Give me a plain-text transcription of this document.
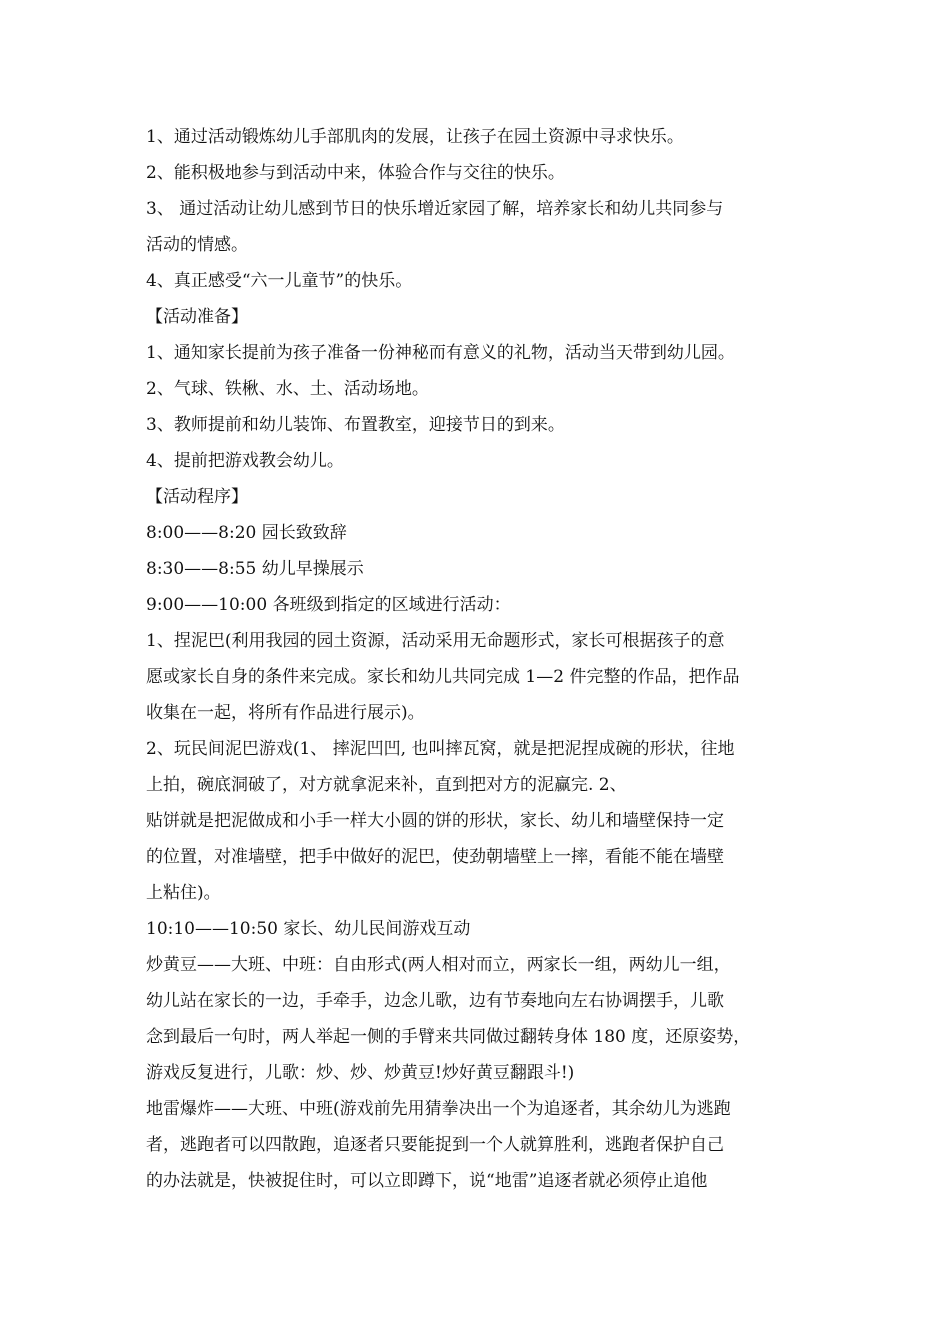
1、通过活动锻炼幼儿手部肌肉的发展，让孩子在园土资源中寻求快乐。
2、能积极地参与到活动中来，体验合作与交往的快乐。
3、 通过活动让幼儿感到节日的快乐增近家园了解，培养家长和幼儿共同参与
活动的情感。
4、真正感受“六一儿童节”的快乐。
【活动准备】
1、通知家长提前为孩子准备一份神秘而有意义的礼物，活动当天带到幼儿园。
2、气球、铁楸、水、土、活动场地。
3、教师提前和幼儿装饰、布置教室，迎接节日的到来。
4、提前把游戏教会幼儿。
【活动程序】
8:00——8:20 园长致致辞
8:30——8:55 幼儿早操展示
9:00——10:00 各班级到指定的区域进行活动：
1、捏泥巴(利用我园的园土资源，活动采用无命题形式，家长可根据孩子的意
愿或家长自身的条件来完成。家长和幼儿共同完成 1—2 件完整的作品，把作品
收集在一起，将所有作品进行展示)。
2、玩民间泥巴游戏(1、 摔泥凹凹, 也叫摔瓦窝，就是把泥捏成碗的形状，往地
上拍，碗底洞破了，对方就拿泥来补，直到把对方的泥赢完. 2、
贴饼就是把泥做成和小手一样大小圆的饼的形状，家长、幼儿和墙壁保持一定
的位置，对准墙壁，把手中做好的泥巴，使劲朝墙壁上一摔，看能不能在墙壁
上粘住)。
10:10——10:50 家长、幼儿民间游戏互动
炒黄豆——大班、中班：自由形式(两人相对而立，两家长一组，两幼儿一组，
幼儿站在家长的一边，手牵手，边念儿歌，边有节奏地向左右协调摆手，儿歌
念到最后一句时，两人举起一侧的手臂来共同做过翻转身体 180 度，还原姿势，
游戏反复进行，儿歌：炒、炒、炒黄豆!炒好黄豆翻跟斗!)
地雷爆炸——大班、中班(游戏前先用猜拳决出一个为追逐者，其余幼儿为逃跑
者，逃跑者可以四散跑，追逐者只要能捉到一个人就算胜利，逃跑者保护自己
的办法就是，快被捉住时，可以立即蹲下，说“地雷”追逐者就必须停止追他
